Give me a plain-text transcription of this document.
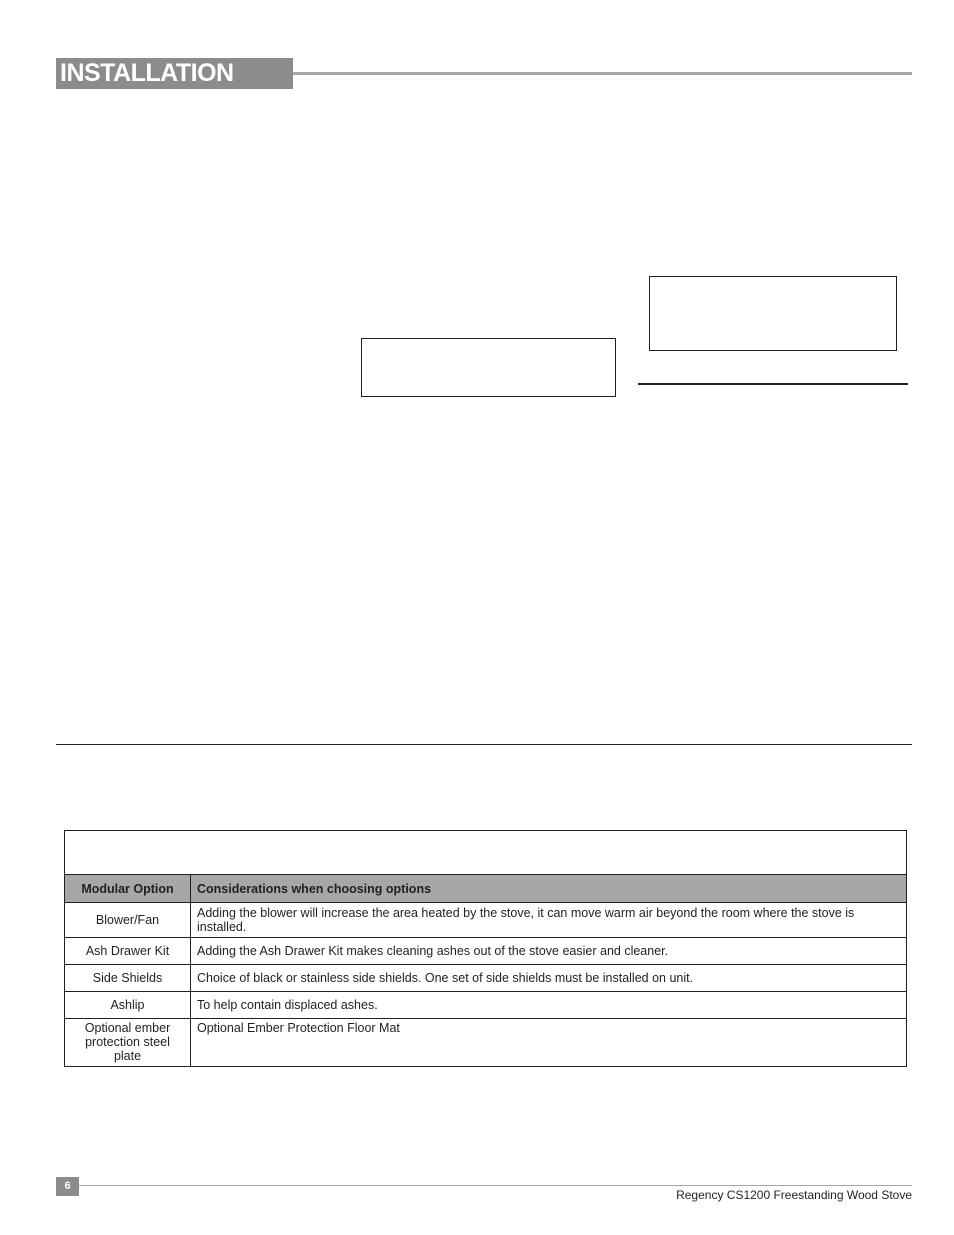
INSTALLATION

Modular Option	Considerations when choosing options
Blower/Fan	Adding the blower will increase the area heated by the stove, it can move warm air beyond the room where the stove is installed.
Ash Drawer Kit	Adding the Ash Drawer Kit makes cleaning ashes out of the stove easier and cleaner.
Side Shields	Choice of black or stainless side shields. One set of side shields must be installed on unit.
Ashlip	To help contain displaced ashes.
Optional ember protection steel plate	Optional Ember Protection Floor Mat
6
Regency CS1200 Freestanding Wood Stove
